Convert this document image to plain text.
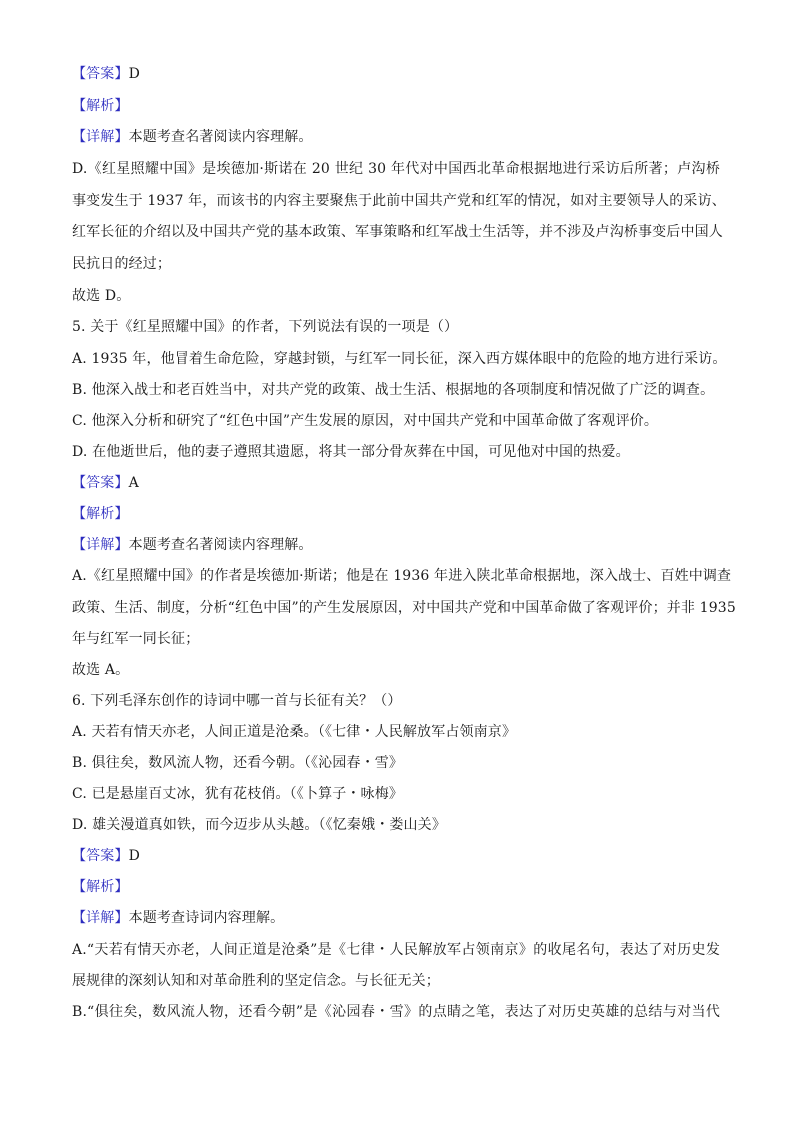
【答案】D
【解析】
【详解】本题考查名著阅读内容理解。
D.《红星照耀中国》是埃德加·斯诺在 20 世纪 30 年代对中国西北革命根据地进行采访后所著；卢沟桥
事变发生于 1937 年，而该书的内容主要聚焦于此前中国共产党和红军的情况，如对主要领导人的采访、
红军长征的介绍以及中国共产党的基本政策、军事策略和红军战士生活等，并不涉及卢沟桥事变后中国人
民抗日的经过；
故选 D。
5. 关于《红星照耀中国》的作者，下列说法有误的一项是（）
A. 1935 年，他冒着生命危险，穿越封锁，与红军一同长征，深入西方媒体眼中的危险的地方进行采访。
B. 他深入战士和老百姓当中，对共产党的政策、战士生活、根据地的各项制度和情况做了广泛的调查。
C. 他深入分析和研究了“红色中国”产生发展的原因，对中国共产党和中国革命做了客观评价。
D. 在他逝世后，他的妻子遵照其遗愿，将其一部分骨灰葬在中国，可见他对中国的热爱。
【答案】A
【解析】
【详解】本题考查名著阅读内容理解。
A.《红星照耀中国》的作者是埃德加·斯诺；他是在 1936 年进入陕北革命根据地，深入战士、百姓中调查
政策、生活、制度，分析“红色中国”的产生发展原因，对中国共产党和中国革命做了客观评价；并非 1935
年与红军一同长征；
故选 A。
6. 下列毛泽东创作的诗词中哪一首与长征有关？（）
A. 天若有情天亦老，人间正道是沧桑。（《七律・人民解放军占领南京》
B. 俱往矣，数风流人物，还看今朝。（《沁园春・雪》
C. 已是悬崖百丈冰，犹有花枝俏。（《卜算子・咏梅》
D. 雄关漫道真如铁，而今迈步从头越。（《忆秦娥・娄山关》
【答案】D
【解析】
【详解】本题考查诗词内容理解。
A.“天若有情天亦老，人间正道是沧桑”是《七律・人民解放军占领南京》的收尾名句，表达了对历史发
展规律的深刻认知和对革命胜利的坚定信念。与长征无关；
B.“俱往矣，数风流人物，还看今朝”是《沁园春・雪》的点睛之笔，表达了对历史英雄的总结与对当代
